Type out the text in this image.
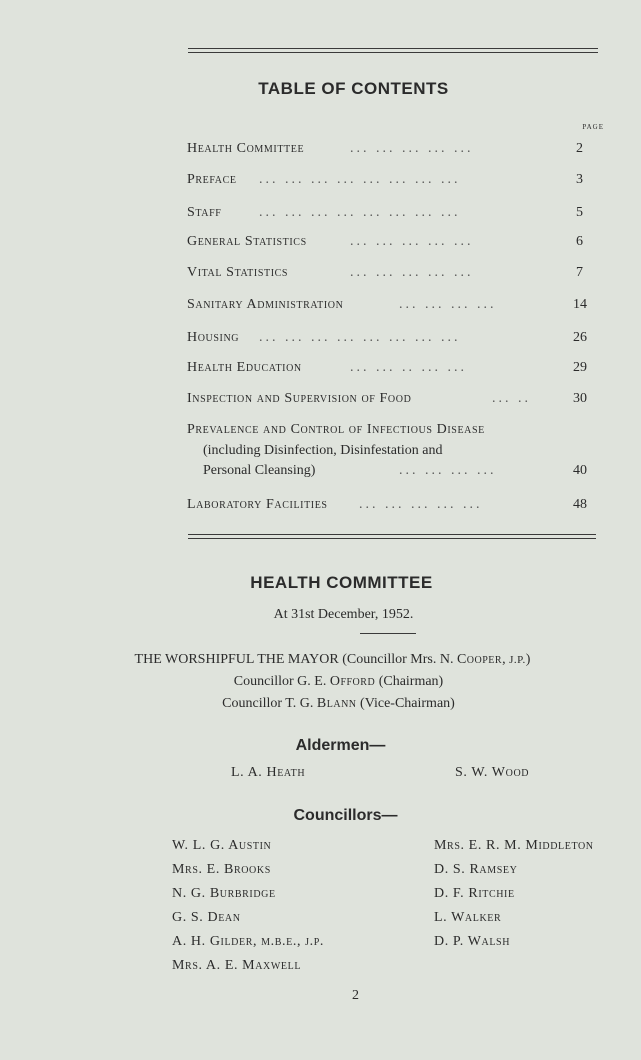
TABLE OF CONTENTS
page
Health Committee	... ... ... ... ...	2
Preface ... ... ... ... ... ... ... ...	3
Staff	... ... ... ... ... ... ... ...	5
General Statistics	... ... ... ... ...	6
Vital Statistics	... ... ... ... ...	7
Sanitary Administration	... ... ... ...	14
Housing ... ... ... ... ... ... ... ...	26
Health Education	... ... .. ... ...	29
Inspection and Supervision of Food	... ..	30
Prevalence and Control of Infectious Disease
(including Disinfection, Disinfestation and
Personal Cleansing)	... ... ... ...	40
Laboratory Facilities ... ... ... ... ...	48
HEALTH COMMITTEE
At 31st December, 1952.
THE WORSHIPFUL THE MAYOR (Councillor Mrs. N. Cooper, J.P.)
Councillor G. E. Offord (Chairman)
Councillor T. G. Blann (Vice-Chairman)
Aldermen—
L. A. Heath	S. W. Wood
Councillors—
W. L. G. Austin
Mrs. E. Brooks
N. G. Burbridge
G. S. Dean
A. H. Gilder, m.b.e., j.p.
Mrs. A. E. Maxwell
Mrs. E. R. M. Middleton
D. S. Ramsey
D. F. Ritchie
L. Walker
D. P. Walsh
2
